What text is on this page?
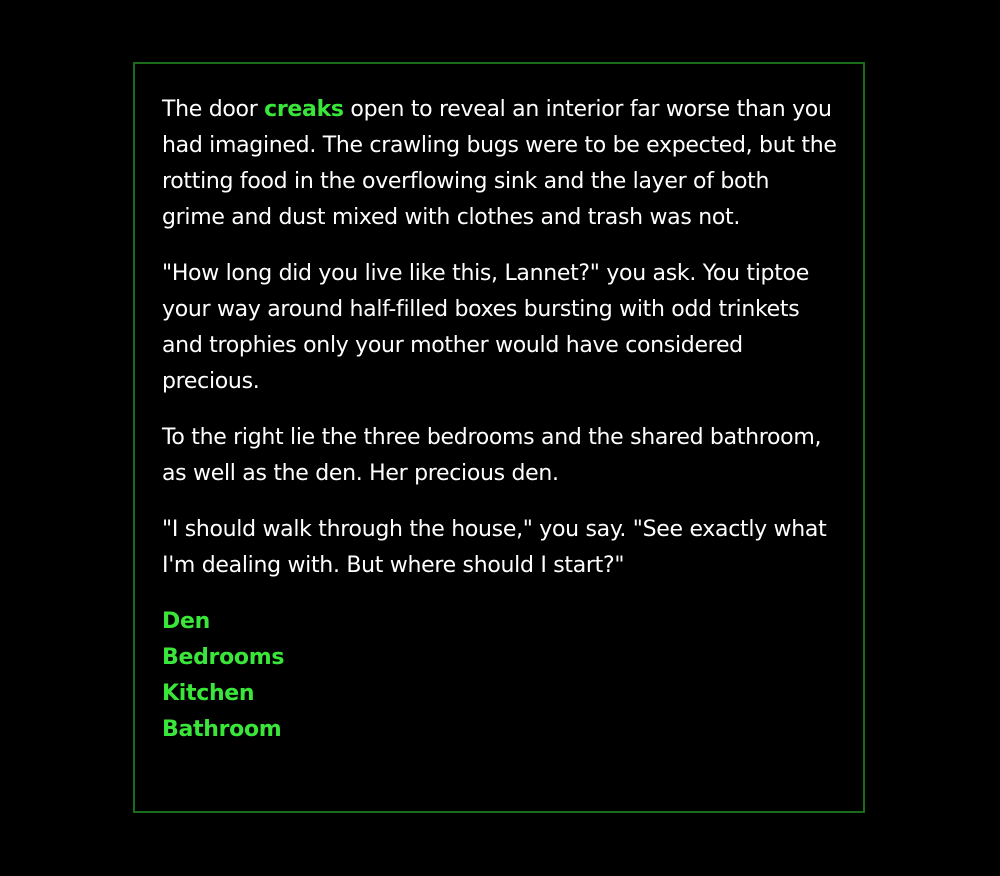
The door creaks open to reveal an interior far worse than you had imagined. The crawling bugs were to be expected, but the rotting food in the overflowing sink and the layer of both grime and dust mixed with clothes and trash was not.

"How long did you live like this, Lannet?" you ask. You tiptoe your way around half-filled boxes bursting with odd trinkets and trophies only your mother would have considered precious.

To the right lie the three bedrooms and the shared bathroom, as well as the den. Her precious den.

"I should walk through the house," you say. "See exactly what I'm dealing with. But where should I start?"

Den
Bedrooms
Kitchen
Bathroom
